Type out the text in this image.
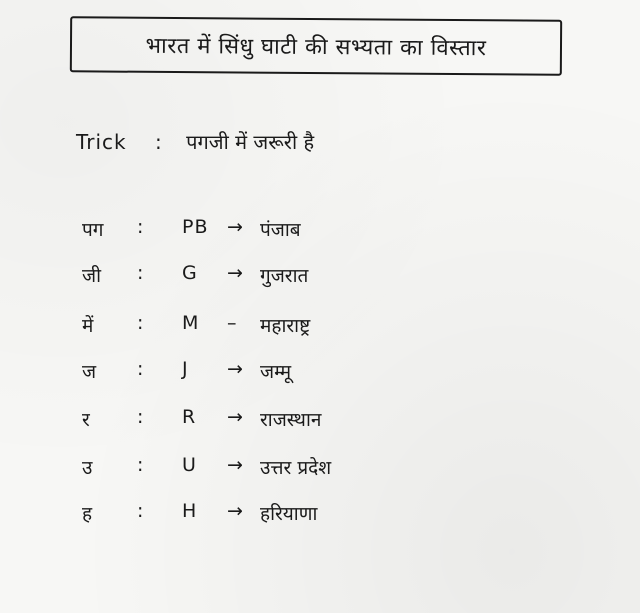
भारत में सिंधु घाटी की सभ्यता का विस्तार
Trick : पगजी में जरूरी है
पग : PB → पंजाब
जी : G → गुजरात
में : M – महाराष्ट्र
ज : J → जम्मू
र : R → राजस्थान
उ : U → उत्तर प्रदेश
ह : H → हरियाणा
